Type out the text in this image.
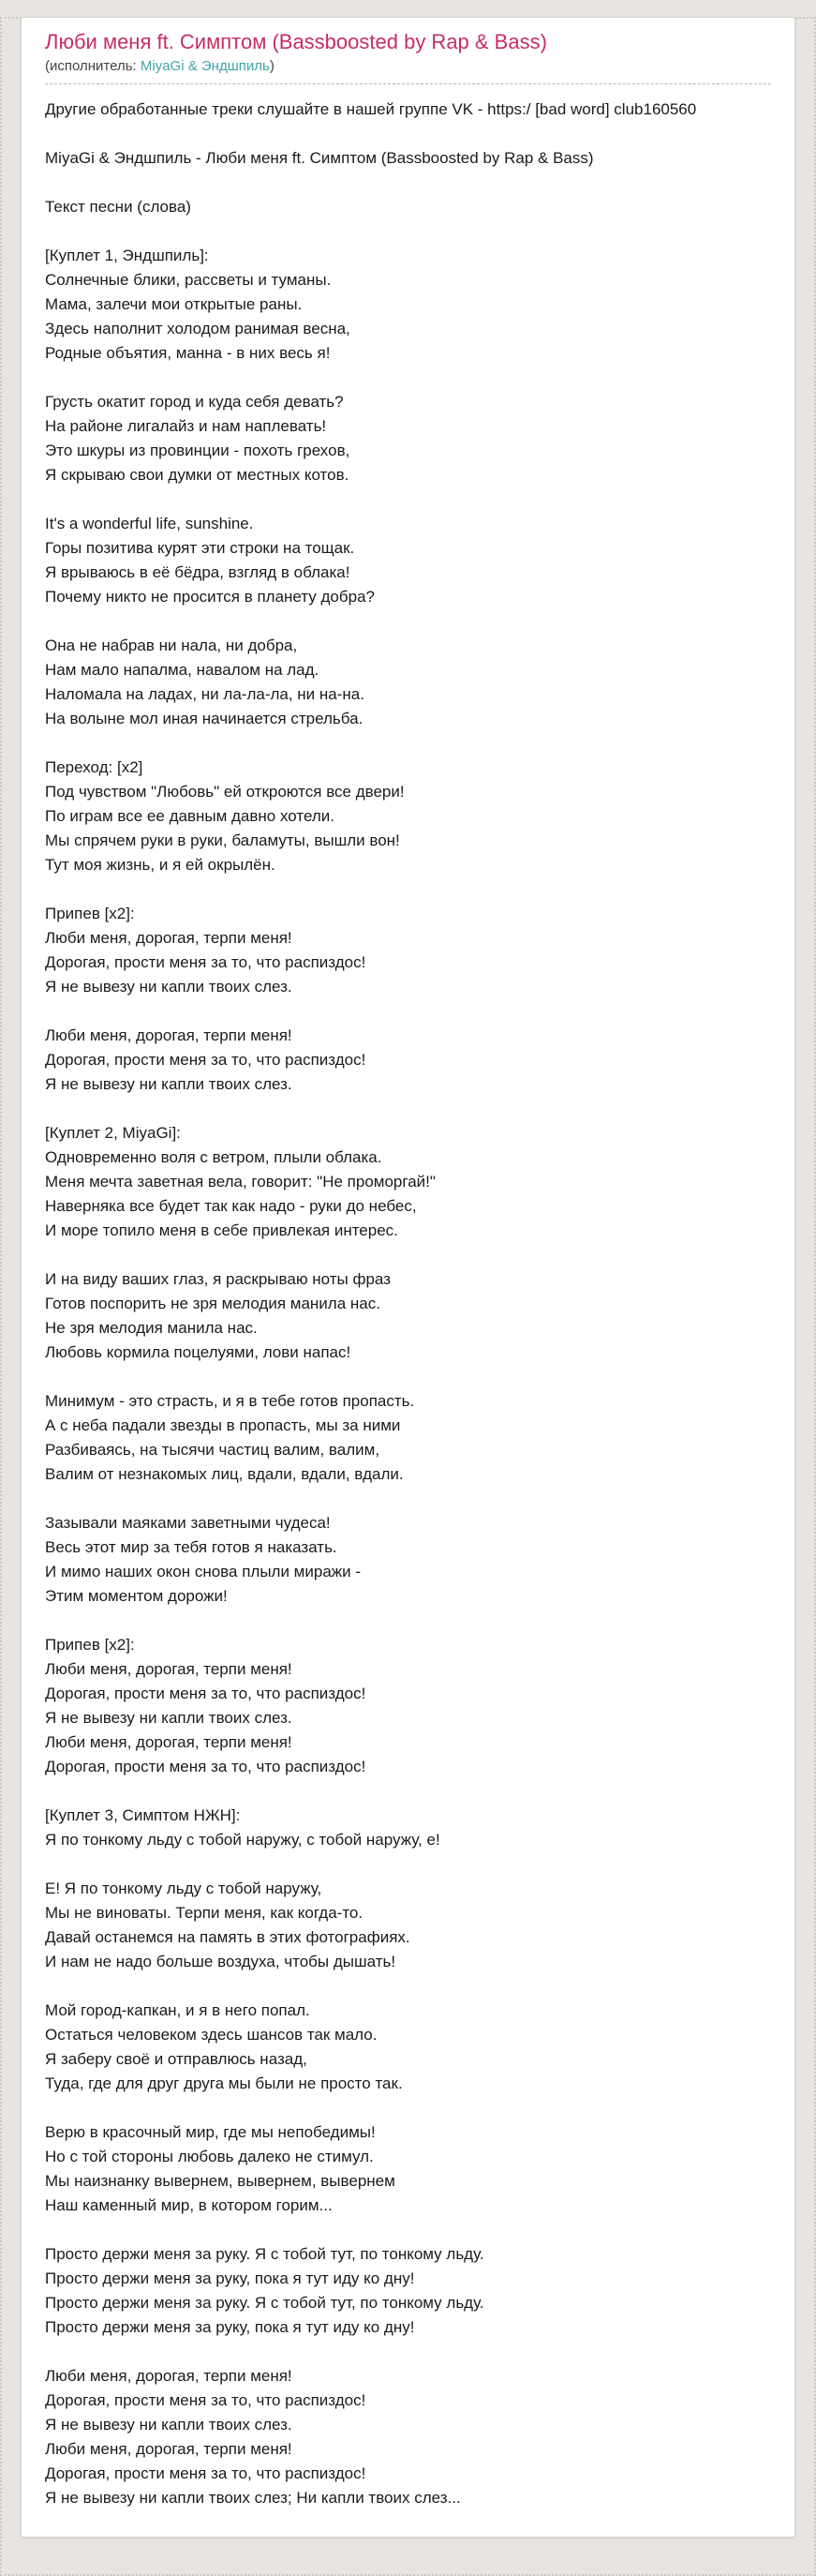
Люби меня ft. Симптом (Bassboosted by Rap & Bass)
(исполнитель: MiyaGi & Эндшпиль)
Другие обработанные треки слушайте в нашей группе VK - https:/ [bad word] club160560

MiyaGi & Эндшпиль - Люби меня ft. Симптом (Bassboosted by Rap & Bass)

Текст песни (слова)

[Куплет 1, Эндшпиль]:
Солнечные блики, рассветы и туманы.
Мама, залечи мои открытые раны.
Здесь наполнит холодом ранимая весна,
Родные объятия, манна - в них весь я!

Грусть окатит город и куда себя девать?
На районе лигалайз и нам наплевать!
Это шкуры из провинции - похоть грехов,
Я скрываю свои думки от местных котов.

It's a wonderful life, sunshine.
Горы позитива курят эти строки на тощак.
Я врываюсь в её бёдра, взгляд в облака!
Почему никто не просится в планету добра?

Она не набрав ни нала, ни добра,
Нам мало напалма, навалом на лад.
Наломала на ладах, ни ла-ла-ла, ни на-на.
На волыне мол иная начинается стрельба.

Переход: [x2]
Под чувством "Любовь" ей откроются все двери!
По играм все ее давным давно хотели.
Мы спрячем руки в руки, баламуты, вышли вон!
Тут моя жизнь, и я ей окрылён.

Припев [x2]:
Люби меня, дорогая, терпи меня!
Дорогая, прости меня за то, что распиздос!
Я не вывезу ни капли твоих слез.

Люби меня, дорогая, терпи меня!
Дорогая, прости меня за то, что распиздос!
Я не вывезу ни капли твоих слез.

[Куплет 2, MiyaGi]:
Одновременно воля с ветром, плыли облака.
Меня мечта заветная вела, говорит: "Не проморгай!"
Наверняка все будет так как надо - руки до небес,
И море топило меня в себе привлекая интерес.

И на виду ваших глаз, я раскрываю ноты фраз
Готов поспорить не зря мелодия манила нас.
Не зря мелодия манила нас.
Любовь кормила поцелуями, лови напас!

Минимум - это страсть, и я в тебе готов пропасть.
А с неба падали звезды в пропасть, мы за ними
Разбиваясь, на тысячи частиц валим, валим,
Валим от незнакомых лиц, вдали, вдали, вдали.

Зазывали маяками заветными чудеса!
Весь этот мир за тебя готов я наказать.
И мимо наших окон снова плыли миражи -
Этим моментом дорожи!

Припев [x2]:
Люби меня, дорогая, терпи меня!
Дорогая, прости меня за то, что распиздос!
Я не вывезу ни капли твоих слез.
Люби меня, дорогая, терпи меня!
Дорогая, прости меня за то, что распиздос!

[Куплет 3, Симптом НЖН]:
Я по тонкому льду с тобой наружу, с тобой наружу, е!

Е! Я по тонкому льду с тобой наружу,
Мы не виноваты. Терпи меня, как когда-то.
Давай останемся на память в этих фотографиях.
И нам не надо больше воздуха, чтобы дышать!

Мой город-капкан, и я в него попал.
Остаться человеком здесь шансов так мало.
Я заберу своё и отправлюсь назад,
Туда, где для друг друга мы были не просто так.

Верю в красочный мир, где мы непобедимы!
Но с той стороны любовь далеко не стимул.
Мы наизнанку вывернем, вывернем, вывернем
Наш каменный мир, в котором горим...

Просто держи меня за руку. Я с тобой тут, по тонкому льду.
Просто держи меня за руку, пока я тут иду ко дну!
Просто держи меня за руку. Я с тобой тут, по тонкому льду.
Просто держи меня за руку, пока я тут иду ко дну!

Люби меня, дорогая, терпи меня!
Дорогая, прости меня за то, что распиздос!
Я не вывезу ни капли твоих слез.
Люби меня, дорогая, терпи меня!
Дорогая, прости меня за то, что распиздос!
Я не вывезу ни капли твоих слез; Ни капли твоих слез...
